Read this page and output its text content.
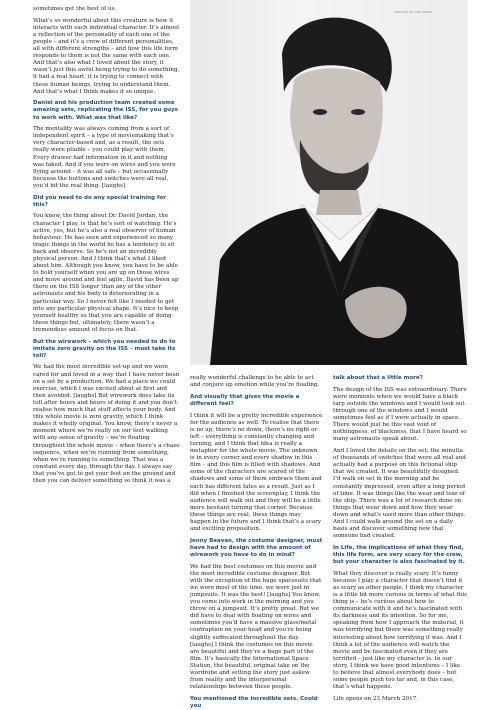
CREDITS BY ART NAME

sometimes get the best of us.

What’s so wonderful about this creature is how it interacts with each individual character. It’s almost a reflection of the personality of each one of the people – and it’s a crew of different personalities, all with different strengths – and how this life form responds to them is not the same with each one. And that’s also what I loved about the story, it wasn’t just this awful being trying to do something, it had a real heart, it is trying to connect with these human beings, trying to understand them. And that’s what I think makes it so unique.

Daniel and his production team created some amazing sets, replicating the ISS, for you guys to work with. What was that like?

The mentality was always coming from a sort of independent spirit – a type of moviemaking that’s very character-based and, as a result, the sets really were pliable – you could play with them. Every drawer had information in it and nothing was faked. And if you were on wires and you were flying around – it was all safe – but occasionally because the buttons and switches were all real, you’d hit the real thing. [laughs]

Did you need to do any special training for this?

You know, the thing about Dr. David Jordan, the character I play, is that he’s sort of watching. He’s active, yes, but he’s also a real observer of human behaviour. He has seen and experienced so many tragic things in the world he has a tendency to sit back and observe. So he’s not an incredibly physical person. And I think that’s what I liked about him. Although you know, you have to be able to hold yourself when you are up on those wires and move around and feel agile. David has been up there on the ISS longer than any of the other astronauts and his body is deteriorating in a particular way. So I never felt like I needed to get into any particular physical shape. It’s nice to keep yourself healthy so that you are capable of doing these things but, ultimately, there wasn’t a tremendous amount of focus on that.

But the wirework – which you needed to do to imitate zero gravity on the ISS – must take its toll?

We had the most incredible set-up and we were cared for and loved in a way that I have never been on a set by a production. We had a place we could exercise, which I was excited about at first and then avoided. [laughs] But wirework does take its toll after hours and hours of doing it and you don’t realise how much that stuff affects your body. And this whole movie is zero gravity, which I think makes it wholly original. You know, there’s never a moment where we’re really on our feet walking with any sense of gravity – we’re floating throughout the whole movie – when there’s a chase sequence, when we’re running from something, when we’re running to something. That was a constant every day, through the day. I always say that you’ve got to get your feet on the ground and then you can deliver something so think it was a

really wonderful challenge to be able to act and conjure up emotion while you’re floating.

And visually that gives the movie a different feel?

I think it will be a pretty incredible experience for the audience as well. To realise that there is no up, there’s no down, there’s no right or left – everything is constantly changing and turning, and I think that idea is really a metaphor for the whole movie. The unknown is in every corner and every shadow in this film – and this film is filled with shadows. And some of the characters are scared of the shadows and some of them embrace them and each has different fates as a result. Just as I did when I finished the screenplay, I think the audience will walk out and they will be a little more hesitant turning that corner. Because these things are real, these things may happen in the future and I think that’s a scary and exciting proposition.

Jenny Beavan, the costume designer, must have had to design with the amount of wirework you have to do in mind?

We had the best costumes on this movie and the most incredible costume designer. But with the exception of the huge spacesuits that we wore most of the time, we were just in jumpsuits. It was the best! [laughs] You know, you come into work in the morning and you throw on a jumpsuit. It’s pretty great. But we did have to deal with floating on wires and sometimes you’d have a massive glass/metal contraption on your head and you’re being slightly suffocated throughout the day. [laughs] I think the costumes on this movie are beautiful and they’re a huge part of the film. It’s basically the International Space Station, the beautiful, original take on the wardrobe and setting the story just askew from reality and the interpersonal relationships between these people.

You mentioned the incredible sets. Could you

talk about that a little more?

The design of the ISS was extraordinary. There were moments when we would have a black tarp outside the windows and I would look out through one of the windows and I would sometimes feel as if I were actually in space. There would just be this vast void of nothingness, of blackness, that I have heard so many astronauts speak about.

And I loved the details on the set; the minutia of thousands of switches that were all real and actually had a purpose on this fictional ship that we created. It was beautifully designed. I’d walk on set in the morning and be constantly impressed, even after a long period of time. It was things like the wear and tear of the ship. There was a lot of research done on things that wear down and how they wear down and what’s used more than other things. And I could walk around the set on a daily basis and discover something new that someone had created.

In Life, the implications of what they find, this life form, are very scary for the crew, but your character is also fascinated by it.

What they discover is really scary. It’s funny because I play a character that doesn’t find it as scary as other people. I think my character is a little bit more curious in terms of what this thing is – he’s curious about how to communicate with it and he’s fascinated with its darkness and its intention. So for me, speaking from how I approach the material, it was terrifying but there was something really interesting about how terrifying it was. And I think a lot of the audience will watch the movie and be fascinated even if they are terrified – just like my character is. In our story, I think we have good intentions – I like to believe that almost everybody does – but some people push too far and, in this case, that’s what happens.

Life opens on 23 March 2017.
